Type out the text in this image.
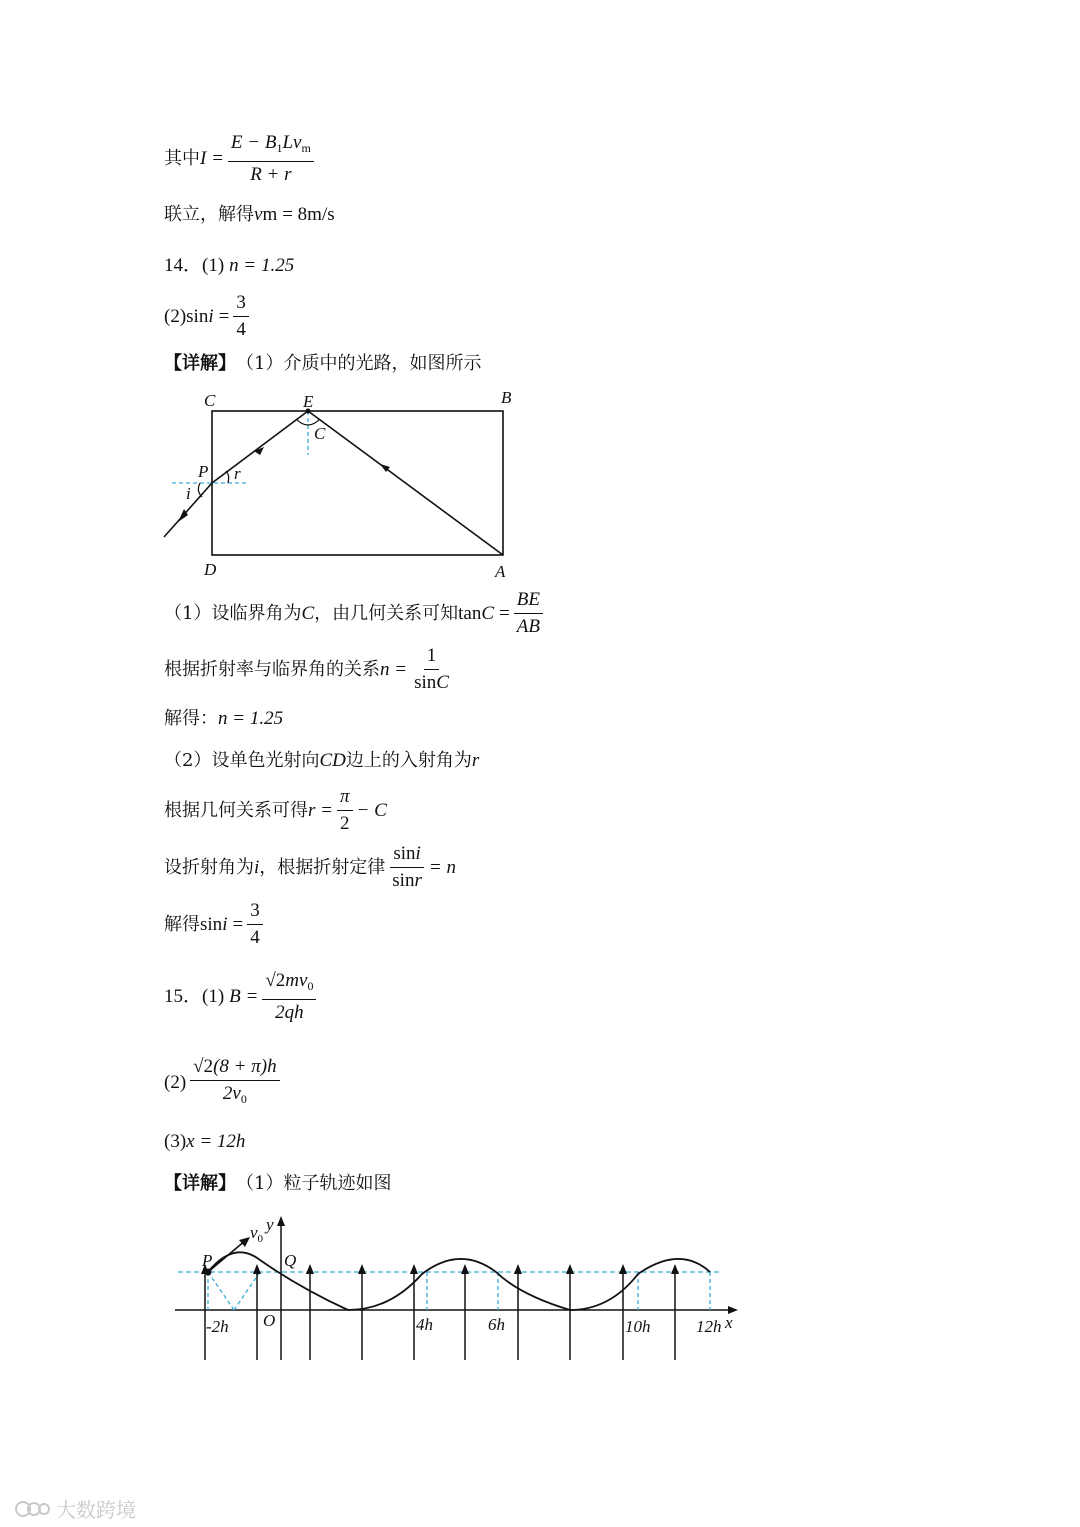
其中 $I = \frac{E - B_1Lv_m}{R + r}$
联立，解得 v m = 8m/s
14． (1) n = 1.25
(2) $\sin i = \frac{3}{4}$
【详解】 （1）介质中的光路，如图所示
C	B
E
C
P r
i
D	A
（1）设临界角为 C ，由几何关系可知 $\tan C = \frac{BE}{AB}$
根据折射率与临界角的关系 $n = \frac{1}{\sin C}$
解得： n = 1.25
（2）设单色光射向 CD 边上的入射角为 r
根据几何关系可得 $r = \frac{\pi}{2} - C$
设折射角为 i ，根据折射定律 $\frac{\sin i}{\sin r} = n$
解得 $\sin i = \frac{3}{4}$
15． (1) $B = \frac{√2mv_0}{2qh}$
$(2) \frac{√2(8 + \pi)h}{2v_0}$
(3) x = 12h
【详解】 （1）粒子轨迹如图
$v_0$
y
P	Q
-2h O	4h	6h	10h	12h x
大数跨境
